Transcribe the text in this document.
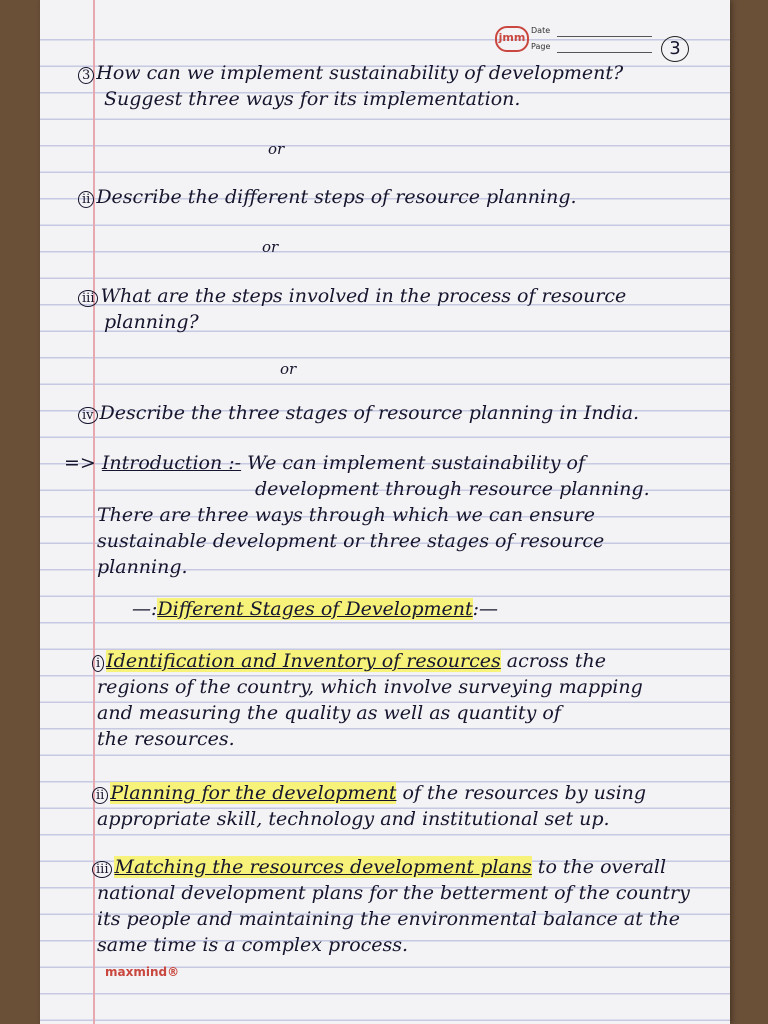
jmm
Date
Page	3
3 How can we implement sustainability of development?
Suggest three ways for its implementation.
or
ii Describe the different steps of resource planning.
or
iii What are the steps involved in the process of resource
planning?
or
iv Describe the three stages of resource planning in India.
=> Introduction :- We can implement sustainability of
development through resource planning.
There are three ways through which we can ensure
sustainable development or three stages of resource
planning.
—:Different Stages of Development:—
i Identification and Inventory of resources across the
regions of the country, which involve surveying mapping
and measuring the quality as well as quantity of
the resources.
ii Planning for the development of the resources by using
appropriate skill, technology and institutional set up.
iii Matching the resources development plans to the overall
national development plans for the betterment of the country
its people and maintaining the environmental balance at the
same time is a complex process.
maxmind®
